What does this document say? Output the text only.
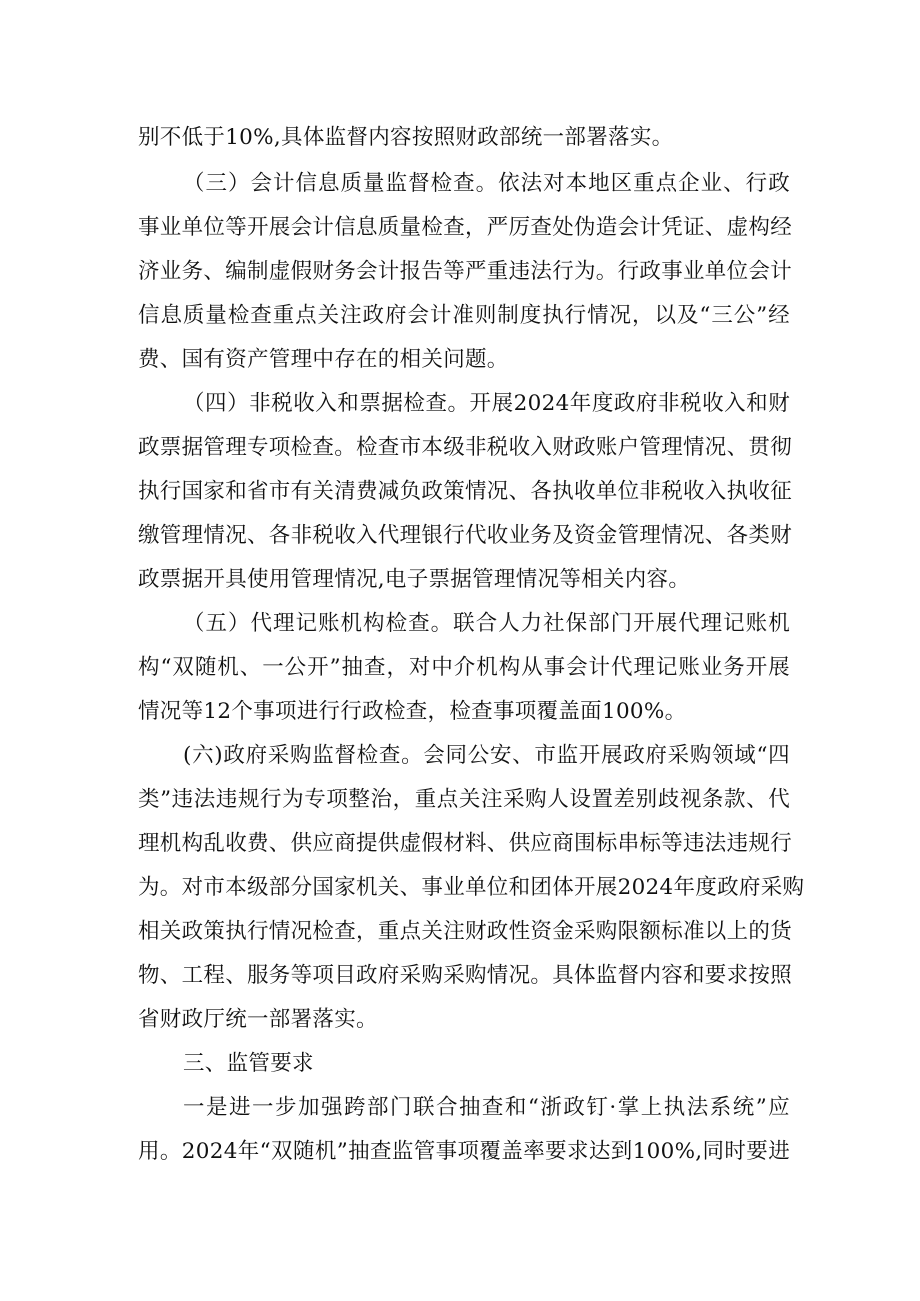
别不低于10%,具体监督内容按照财政部统一部署落实。
（三）会计信息质量监督检查。依法对本地区重点企业、行政
事业单位等开展会计信息质量检查，严厉查处伪造会计凭证、虚构经
济业务、编制虚假财务会计报告等严重违法行为。行政事业单位会计
信息质量检查重点关注政府会计准则制度执行情况，以及“三公”经
费、国有资产管理中存在的相关问题。
（四）非税收入和票据检查。开展2024年度政府非税收入和财
政票据管理专项检查。检查市本级非税收入财政账户管理情况、贯彻
执行国家和省市有关清费减负政策情况、各执收单位非税收入执收征
缴管理情况、各非税收入代理银行代收业务及资金管理情况、各类财
政票据开具使用管理情况,电子票据管理情况等相关内容。
（五）代理记账机构检查。联合人力社保部门开展代理记账机
构“双随机、一公开”抽查，对中介机构从事会计代理记账业务开展
情况等12个事项进行行政检查，检查事项覆盖面100%。
(六)政府采购监督检查。会同公安、市监开展政府采购领域“四
类”违法违规行为专项整治，重点关注采购人设置差别歧视条款、代
理机构乱收费、供应商提供虚假材料、供应商围标串标等违法违规行
为。对市本级部分国家机关、事业单位和团体开展2024年度政府采购
相关政策执行情况检查，重点关注财政性资金采购限额标准以上的货
物、工程、服务等项目政府采购采购情况。具体监督内容和要求按照
省财政厅统一部署落实。
三、监管要求
一是进一步加强跨部门联合抽查和“浙政钉·掌上执法系统”应
用。2024年“双随机”抽查监管事项覆盖率要求达到100%,同时要进
